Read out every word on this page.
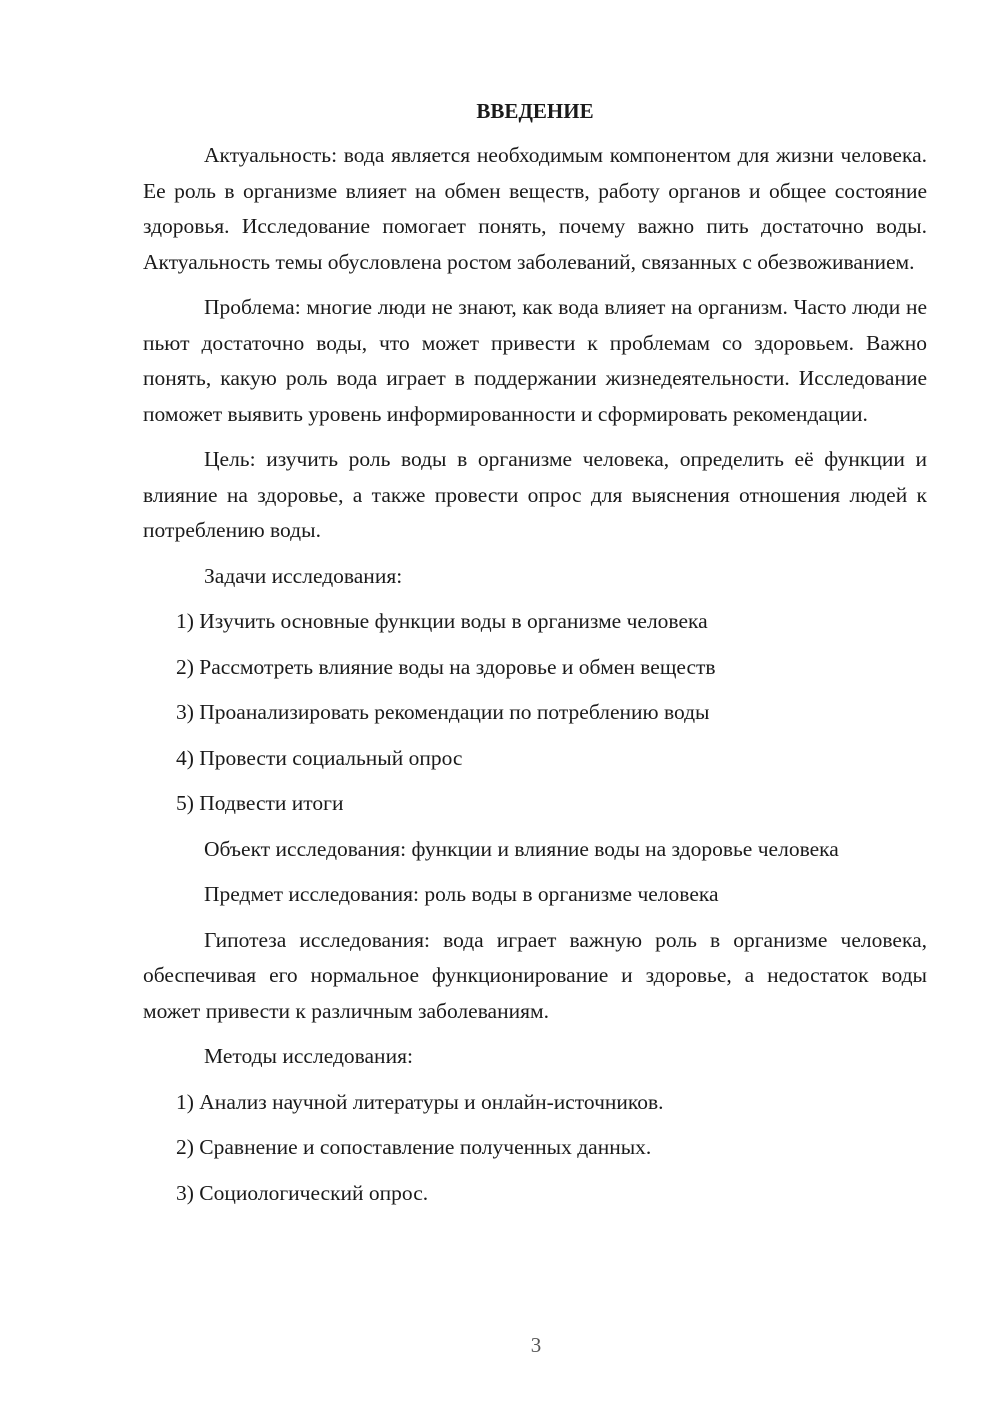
ВВЕДЕНИЕ

Актуальность: вода является необходимым компонентом для жизни человека. Ее роль в организме влияет на обмен веществ, работу органов и общее состояние здоровья. Исследование помогает понять, почему важно пить достаточно воды. Актуальность темы обусловлена ростом заболеваний, связанных с обезвоживанием.

Проблема: многие люди не знают, как вода влияет на организм. Часто люди не пьют достаточно воды, что может привести к проблемам со здоровьем. Важно понять, какую роль вода играет в поддержании жизнедеятельности. Исследование поможет выявить уровень информированности и сформировать рекомендации.

Цель: изучить роль воды в организме человека, определить её функции и влияние на здоровье, а также провести опрос для выяснения отношения людей к потреблению воды.

Задачи исследования:

1) Изучить основные функции воды в организме человека

2) Рассмотреть влияние воды на здоровье и обмен веществ

3) Проанализировать рекомендации по потреблению воды

4) Провести социальный опрос

5) Подвести итоги

Объект исследования: функции и влияние воды на здоровье человека

Предмет исследования: роль воды в организме человека

Гипотеза исследования: вода играет важную роль в организме человека, обеспечивая его нормальное функционирование и здоровье, а недостаток воды может привести к различным заболеваниям.

Методы исследования:

1) Анализ научной литературы и онлайн-источников.

2) Сравнение и сопоставление полученных данных.

3) Социологический опрос.

3
